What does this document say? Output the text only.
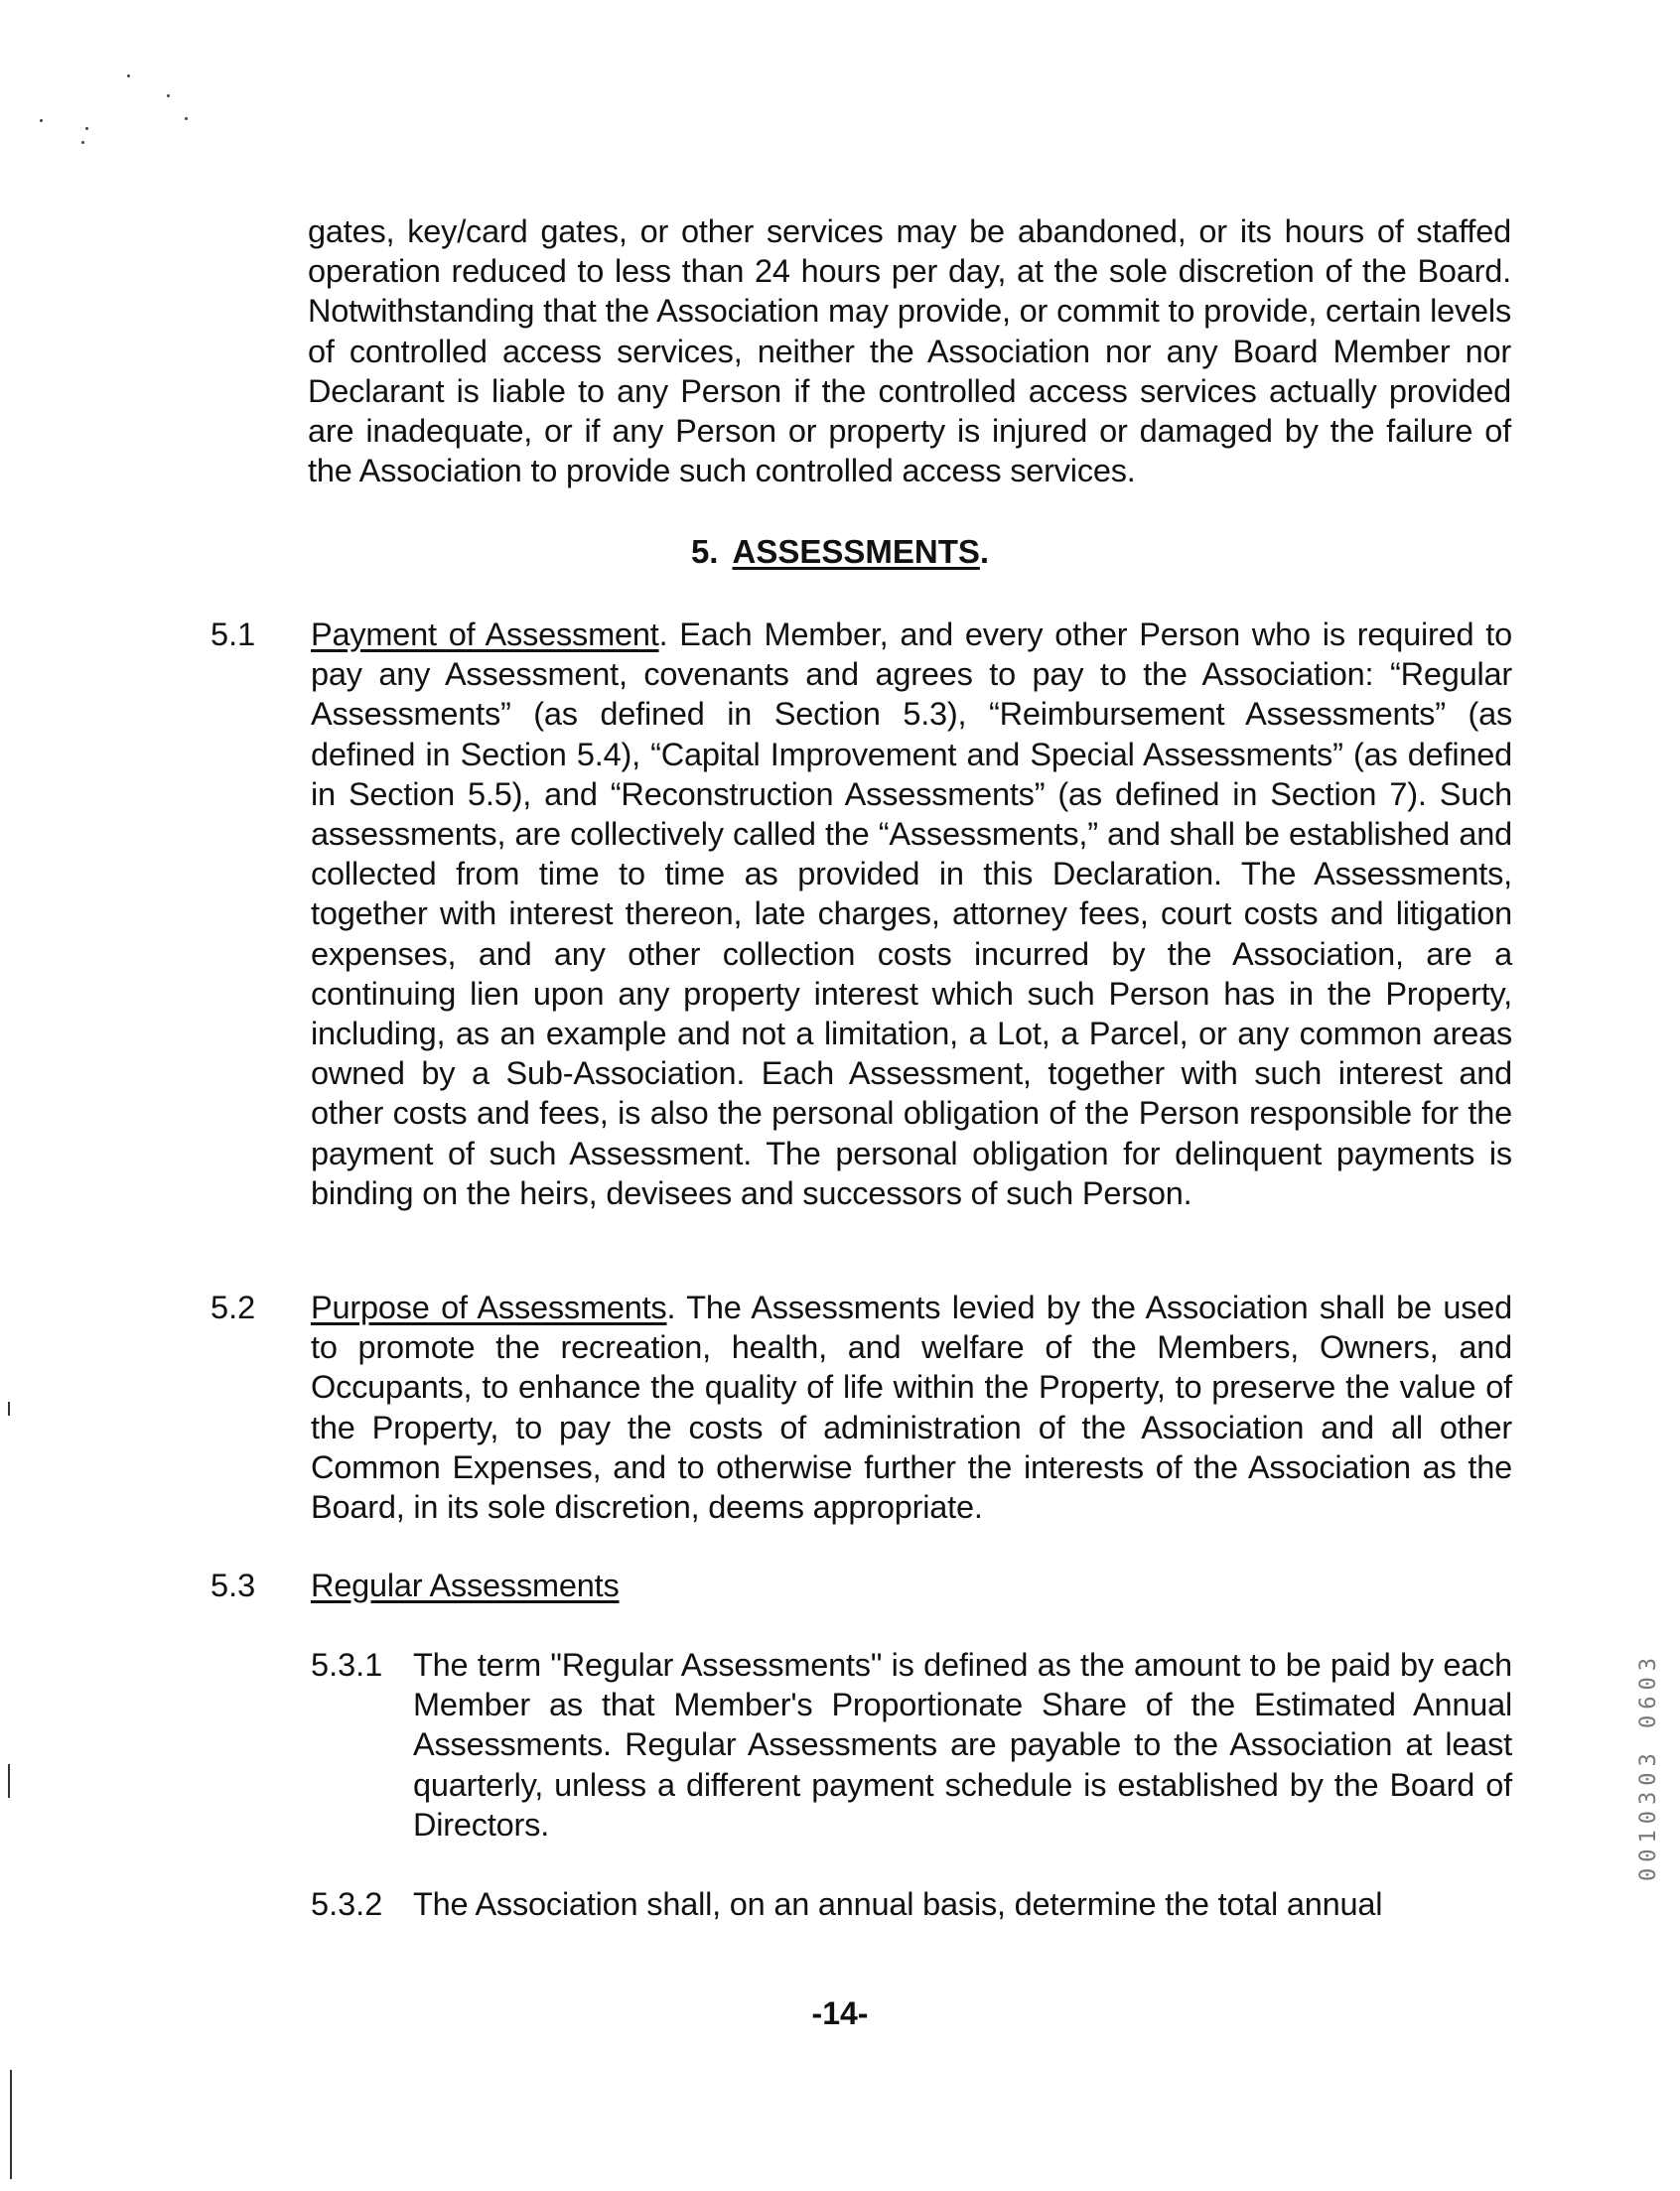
gates, key/card gates, or other services may be abandoned, or its hours of staffed operation reduced to less than 24 hours per day, at the sole discretion of the Board. Notwithstanding that the Association may provide, or commit to provide, certain levels of controlled access services, neither the Association nor any Board Member nor Declarant is liable to any Person if the controlled access services actually provided are inadequate, or if any Person or property is injured or damaged by the failure of the Association to provide such controlled access services.

5. ASSESSMENTS.
5.1 Payment of Assessment. Each Member, and every other Person who is required to pay any Assessment, covenants and agrees to pay to the Association: “Regular Assessments” (as defined in Section 5.3), “Reimbursement Assessments” (as defined in Section 5.4), “Capital Improvement and Special Assessments” (as defined in Section 5.5), and “Reconstruction Assessments” (as defined in Section 7). Such assessments, are collectively called the “Assessments,” and shall be established and collected from time to time as provided in this Declaration. The Assessments, together with interest thereon, late charges, attorney fees, court costs and litigation expenses, and any other collection costs incurred by the Association, are a continuing lien upon any property interest which such Person has in the Property, including, as an example and not a limitation, a Lot, a Parcel, or any common areas owned by a Sub-Association. Each Assessment, together with such interest and other costs and fees, is also the personal obligation of the Person responsible for the payment of such Assessment. The personal obligation for delinquent payments is binding on the heirs, devisees and successors of such Person.

5.2 Purpose of Assessments. The Assessments levied by the Association shall be used to promote the recreation, health, and welfare of the Members, Owners, and Occupants, to enhance the quality of life within the Property, to preserve the value of the Property, to pay the costs of administration of the Association and all other Common Expenses, and to otherwise further the interests of the Association as the Board, in its sole discretion, deems appropriate.

5.3 Regular Assessments

5.3.1 The term "Regular Assessments" is defined as the amount to be paid by each Member as that Member's Proportionate Share of the Estimated Annual Assessments. Regular Assessments are payable to the Association at least quarterly, unless a different payment schedule is established by the Board of Directors.

5.3.2 The Association shall, on an annual basis, determine the total annual

-14-
0010303 0603
